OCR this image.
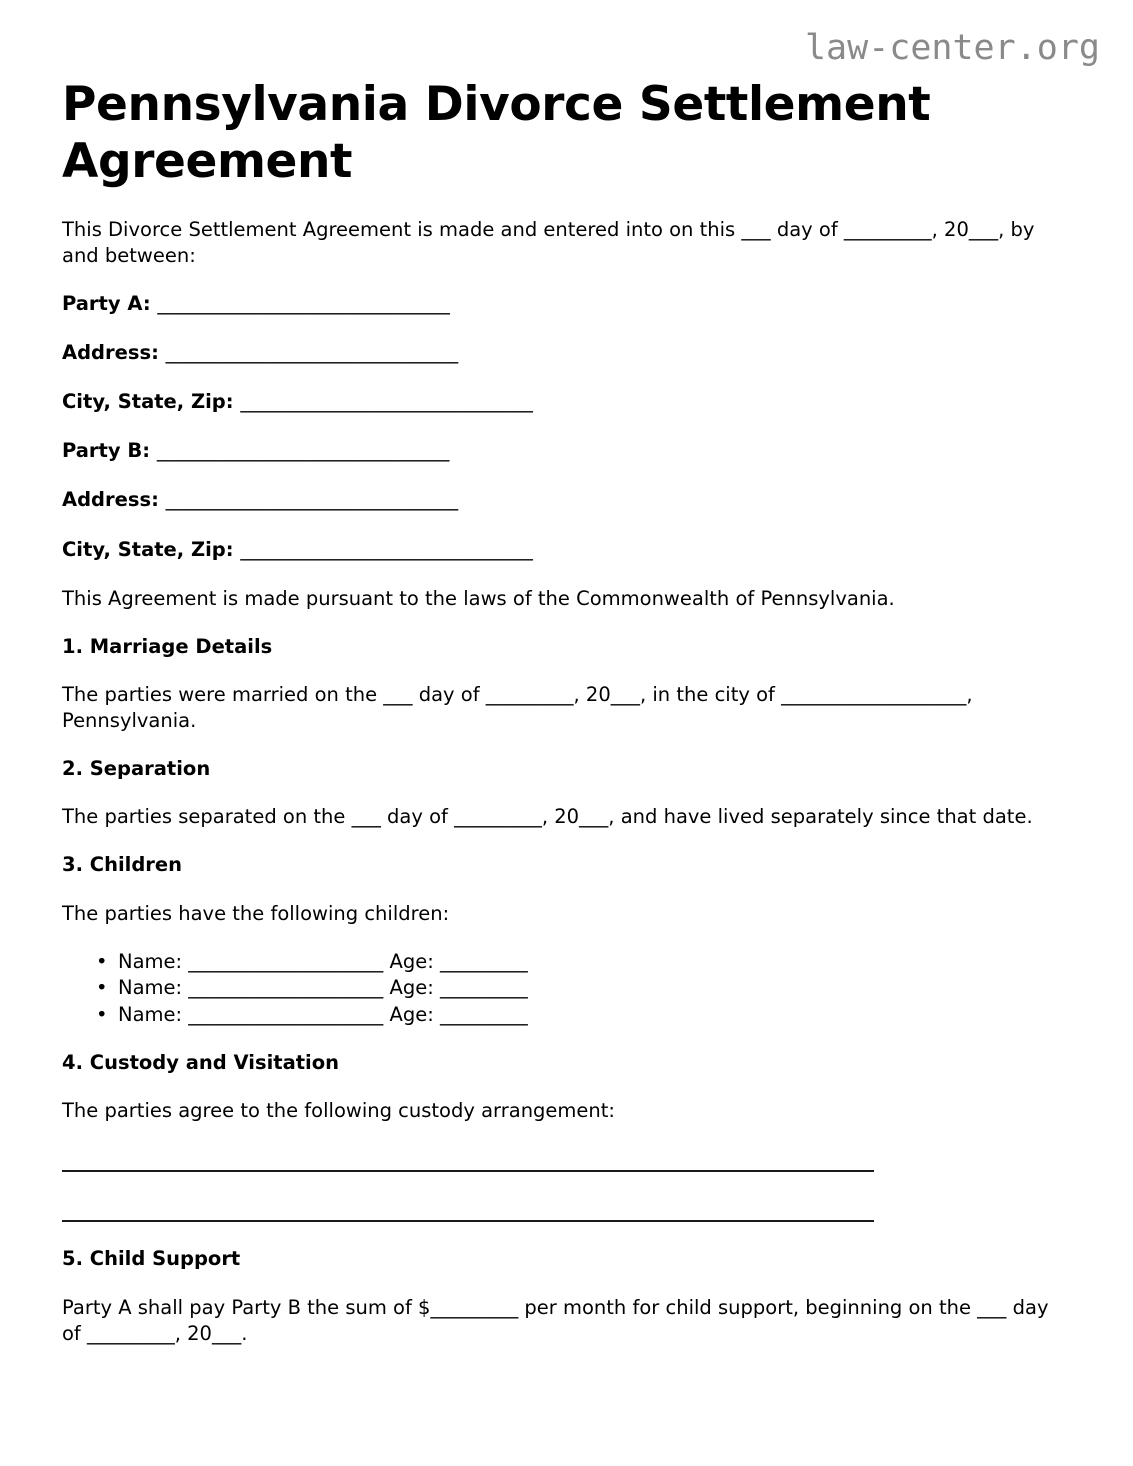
law-center.org
Pennsylvania Divorce Settlement Agreement

This Divorce Settlement Agreement is made and entered into on this ___ day of _________, 20___, by and between:

Party A: ______________________________

Address: ______________________________

City, State, Zip: ______________________________

Party B: ______________________________

Address: ______________________________

City, State, Zip: ______________________________

This Agreement is made pursuant to the laws of the Commonwealth of Pennsylvania.

1. Marriage Details

The parties were married on the ___ day of _________, 20___, in the city of ___________________, Pennsylvania.

2. Separation

The parties separated on the ___ day of _________, 20___, and have lived separately since that date.

3. Children

The parties have the following children:

• Name: ____________________ Age: _________
• Name: ____________________ Age: _________
• Name: ____________________ Age: _________
4. Custody and Visitation

The parties agree to the following custody arrangement:

5. Child Support

Party A shall pay Party B the sum of $_________ per month for child support, beginning on the ___ day of _________, 20___.
